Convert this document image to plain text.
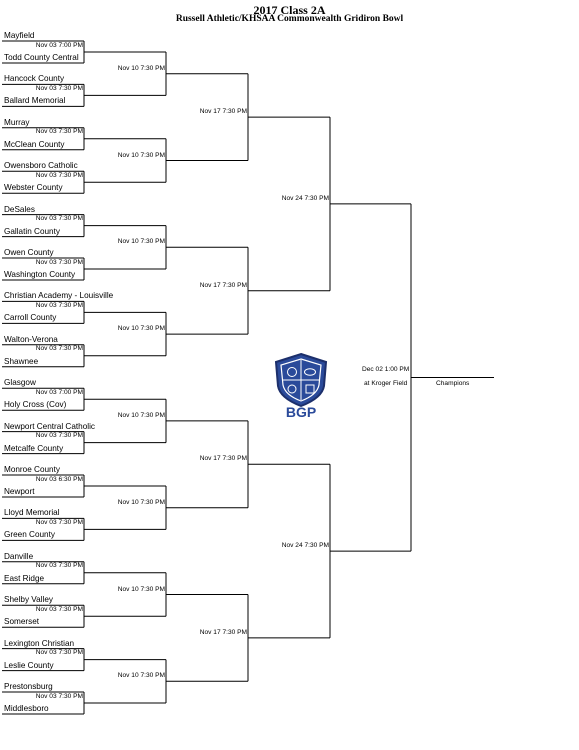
2017 Class 2A
Russell Athletic/KHSAA Commonwealth Gridiron Bowl
Mayfield
Todd County Central
Nov 03 7:00 PM
Hancock County
Ballard Memorial
Nov 03 7:30 PM
Murray
McClean County
Nov 03 7:30 PM
Owensboro Catholic
Webster County
Nov 03 7:30 PM
DeSales
Gallatin County
Nov 03 7:30 PM
Owen County
Washington County
Nov 03 7:30 PM
Christian Academy - Louisville
Carroll County
Nov 03 7:30 PM
Walton-Verona
Shawnee
Nov 03 7:30 PM
Glasgow
Holy Cross (Cov)
Nov 03 7:00 PM
Newport Central Catholic
Metcalfe County
Nov 03 7:30 PM
Monroe County
Newport
Nov 03 6:30 PM
Lloyd Memorial
Green County
Nov 03 7:30 PM
Danville
East Ridge
Nov 03 7:30 PM
Shelby Valley
Somerset
Nov 03 7:30 PM
Lexington Christian
Leslie County
Nov 03 7:30 PM
Prestonsburg
Middlesboro
Nov 03 7:30 PM
Nov 10 7:30 PM
Nov 10 7:30 PM
Nov 10 7:30 PM
Nov 10 7:30 PM
Nov 10 7:30 PM
Nov 10 7:30 PM
Nov 10 7:30 PM
Nov 10 7:30 PM
Nov 17 7:30 PM
Nov 17 7:30 PM
Nov 17 7:30 PM
Nov 17 7:30 PM
Nov 24 7:30 PM
Nov 24 7:30 PM
Dec 02 1:00 PM
at Kroger Field	Champions
BGP
